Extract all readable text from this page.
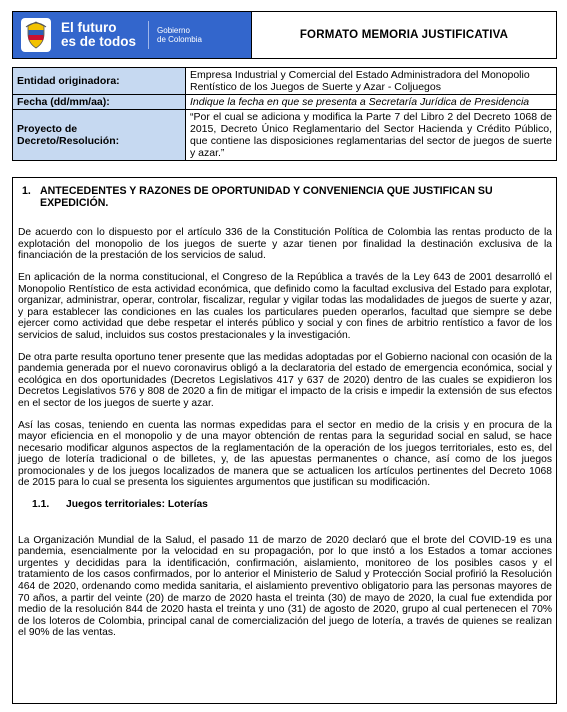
El futuro
es de todos
Gobierno
de Colombia	FORMATO MEMORIA JUSTIFICATIVA
Entidad originadora:	Empresa Industrial y Comercial del Estado Administradora del Monopolio Rentístico de los Juegos de Suerte y Azar - Coljuegos
Fecha (dd/mm/aa):	Indique la fecha en que se presenta a Secretaría Jurídica de Presidencia

Proyecto de
Decreto/Resolución:	“Por el cual se adiciona y modifica la Parte 7 del Libro 2 del Decreto 1068 de 2015, Decreto Único Reglamentario del Sector Hacienda y Crédito Público, que contiene las disposiciones reglamentarias del sector de juegos de suerte y azar.”
1. ANTECEDENTES Y RAZONES DE OPORTUNIDAD Y CONVENIENCIA QUE JUSTIFICAN SU EXPEDICIÓN.

De acuerdo con lo dispuesto por el artículo 336 de la Constitución Política de Colombia las rentas producto de la explotación del monopolio de los juegos de suerte y azar tienen por finalidad la destinación exclusiva de la financiación de la prestación de los servicios de salud.

En aplicación de la norma constitucional, el Congreso de la República a través de la Ley 643 de 2001 desarrolló el Monopolio Rentístico de esta actividad económica, que definido como la facultad exclusiva del Estado para explotar, organizar, administrar, operar, controlar, fiscalizar, regular y vigilar todas las modalidades de juegos de suerte y azar, y para establecer las condiciones en las cuales los particulares pueden operarlos, facultad que siempre se debe ejercer como actividad que debe respetar el interés público y social y con fines de arbitrio rentístico a favor de los servicios de salud, incluidos sus costos prestacionales y la investigación.

De otra parte resulta oportuno tener presente que las medidas adoptadas por el Gobierno nacional con ocasión de la pandemia generada por el nuevo coronavirus obligó a la declaratoria del estado de emergencia económica, social y ecológica en dos oportunidades (Decretos Legislativos 417 y 637 de 2020) dentro de las cuales se expidieron los Decretos Legislativos 576 y 808 de 2020 a fin de mitigar el impacto de la crisis e impedir la extensión de sus efectos en el sector de los juegos de suerte y azar.

Así las cosas, teniendo en cuenta las normas expedidas para el sector en medio de la crisis y en procura de la mayor eficiencia en el monopolio y de una mayor obtención de rentas para la seguridad social en salud, se hace necesario modificar algunos aspectos de la reglamentación de la operación de los juegos territoriales, esto es, del juego de lotería tradicional o de billetes, y, de las apuestas permanentes o chance, así como de los juegos promocionales y de los juegos localizados de manera que se actualicen los artículos pertinentes del Decreto 1068 de 2015 para lo cual se presenta los siguientes argumentos que justifican su modificación.

1.1.	Juegos territoriales: Loterías

La Organización Mundial de la Salud, el pasado 11 de marzo de 2020 declaró que el brote del COVID-19 es una pandemia, esencialmente por la velocidad en su propagación, por lo que instó a los Estados a tomar acciones urgentes y decididas para la identificación, confirmación, aislamiento, monitoreo de los posibles casos y el tratamiento de los casos confirmados, por lo anterior el Ministerio de Salud y Protección Social profirió la Resolución 464 de 2020, ordenando como medida sanitaria, el aislamiento preventivo obligatorio para las personas mayores de 70 años, a partir del veinte (20) de marzo de 2020 hasta el treinta (30) de mayo de 2020, la cual fue extendida por medio de la resolución 844 de 2020 hasta el treinta y uno (31) de agosto de 2020, grupo al cual pertenecen el 70% de los loteros de Colombia, principal canal de comercialización del juego de lotería, a través de quienes se realizan el 90% de las ventas.
